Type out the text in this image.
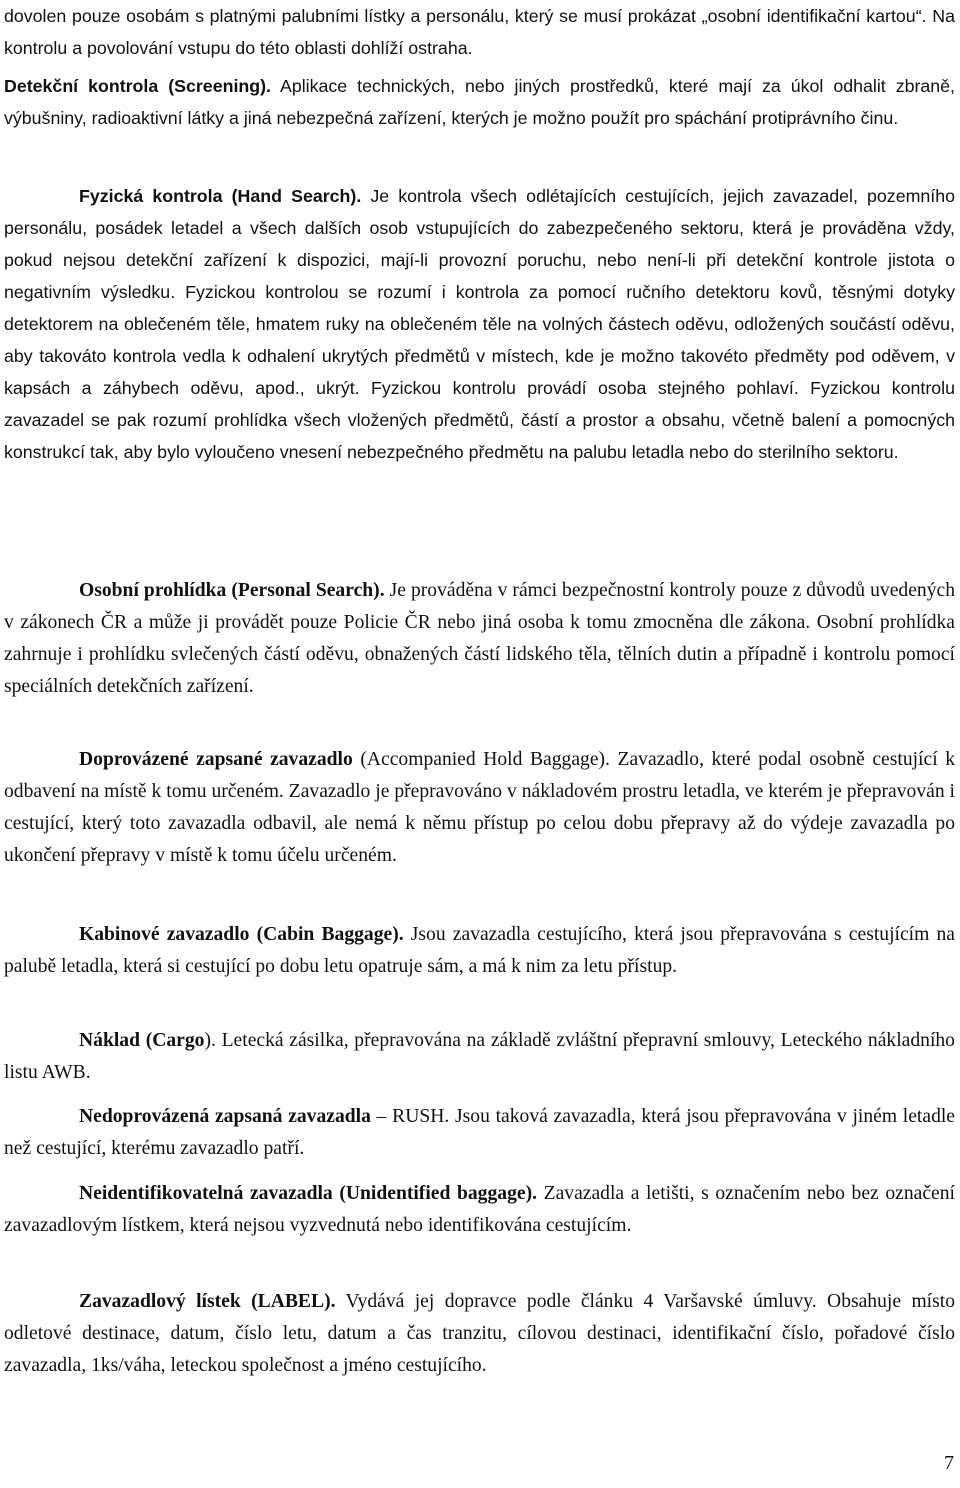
dovolen pouze osobám s platnými palubními lístky a personálu, který se musí prokázat „osobní identifikační kartou“. Na kontrolu a povolování vstupu do této oblasti dohlíží ostraha.

Detekční kontrola (Screening). Aplikace technických, nebo jiných prostředků, které mají za úkol odhalit zbraně, výbušniny, radioaktivní látky a jiná nebezpečná zařízení, kterých je možno použít pro spáchání protiprávního činu.

Fyzická kontrola (Hand Search). Je kontrola všech odlétajících cestujících, jejich zavazadel, pozemního personálu, posádek letadel a všech dalších osob vstupujících do zabezpečeného sektoru, která je prováděna vždy, pokud nejsou detekční zařízení k dispozici, mají-li provozní poruchu, nebo není-li při detekční kontrole jistota o negativním výsledku. Fyzickou kontrolou se rozumí i kontrola za pomocí ručního detektoru kovů, těsnými dotyky detektorem na oblečeném těle, hmatem ruky na oblečeném těle na volných částech oděvu, odložených součástí oděvu, aby takováto kontrola vedla k odhalení ukrytých předmětů v místech, kde je možno takovéto předměty pod oděvem, v kapsách a záhybech oděvu, apod., ukrýt. Fyzickou kontrolu provádí osoba stejného pohlaví. Fyzickou kontrolu zavazadel se pak rozumí prohlídka všech vložených předmětů, částí a prostor a obsahu, včetně balení a pomocných konstrukcí tak, aby bylo vyloučeno vnesení nebezpečného předmětu na palubu letadla nebo do sterilního sektoru.

Osobní prohlídka (Personal Search). Je prováděna v rámci bezpečnostní kontroly pouze z důvodů uvedených v zákonech ČR a může ji provádět pouze Policie ČR nebo jiná osoba k tomu zmocněna dle zákona. Osobní prohlídka zahrnuje i prohlídku svlečených částí oděvu, obnažených částí lidského těla, tělních dutin a případně i kontrolu pomocí speciálních detekčních zařízení.

Doprovázené zapsané zavazadlo (Accompanied Hold Baggage). Zavazadlo, které podal osobně cestující k odbavení na místě k tomu určeném. Zavazadlo je přepravováno v nákladovém prostru letadla, ve kterém je přepravován i cestující, který toto zavazadla odbavil, ale nemá k němu přístup po celou dobu přepravy až do výdeje zavazadla po ukončení přepravy v místě k tomu účelu určeném.

Kabinové zavazadlo (Cabin Baggage). Jsou zavazadla cestujícího, která jsou přepravována s cestujícím na palubě letadla, která si cestující po dobu letu opatruje sám, a má k nim za letu přístup.

Náklad (Cargo). Letecká zásilka, přepravována na základě zvláštní přepravní smlouvy, Leteckého nákladního listu AWB.

Nedoprovázená zapsaná zavazadla – RUSH. Jsou taková zavazadla, která jsou přepravována v jiném letadle než cestující, kterému zavazadlo patří.

Neidentifikovatelná zavazadla (Unidentified baggage). Zavazadla a letišti, s označením nebo bez označení zavazadlovým lístkem, která nejsou vyzvednutá nebo identifikována cestujícím.

Zavazadlový lístek (LABEL). Vydává jej dopravce podle článku 4 Varšavské úmluvy. Obsahuje místo odletové destinace, datum, číslo letu, datum a čas tranzitu, cílovou destinaci, identifikační číslo, pořadové číslo zavazadla, 1ks/váha, leteckou společnost a jméno cestujícího.

7
